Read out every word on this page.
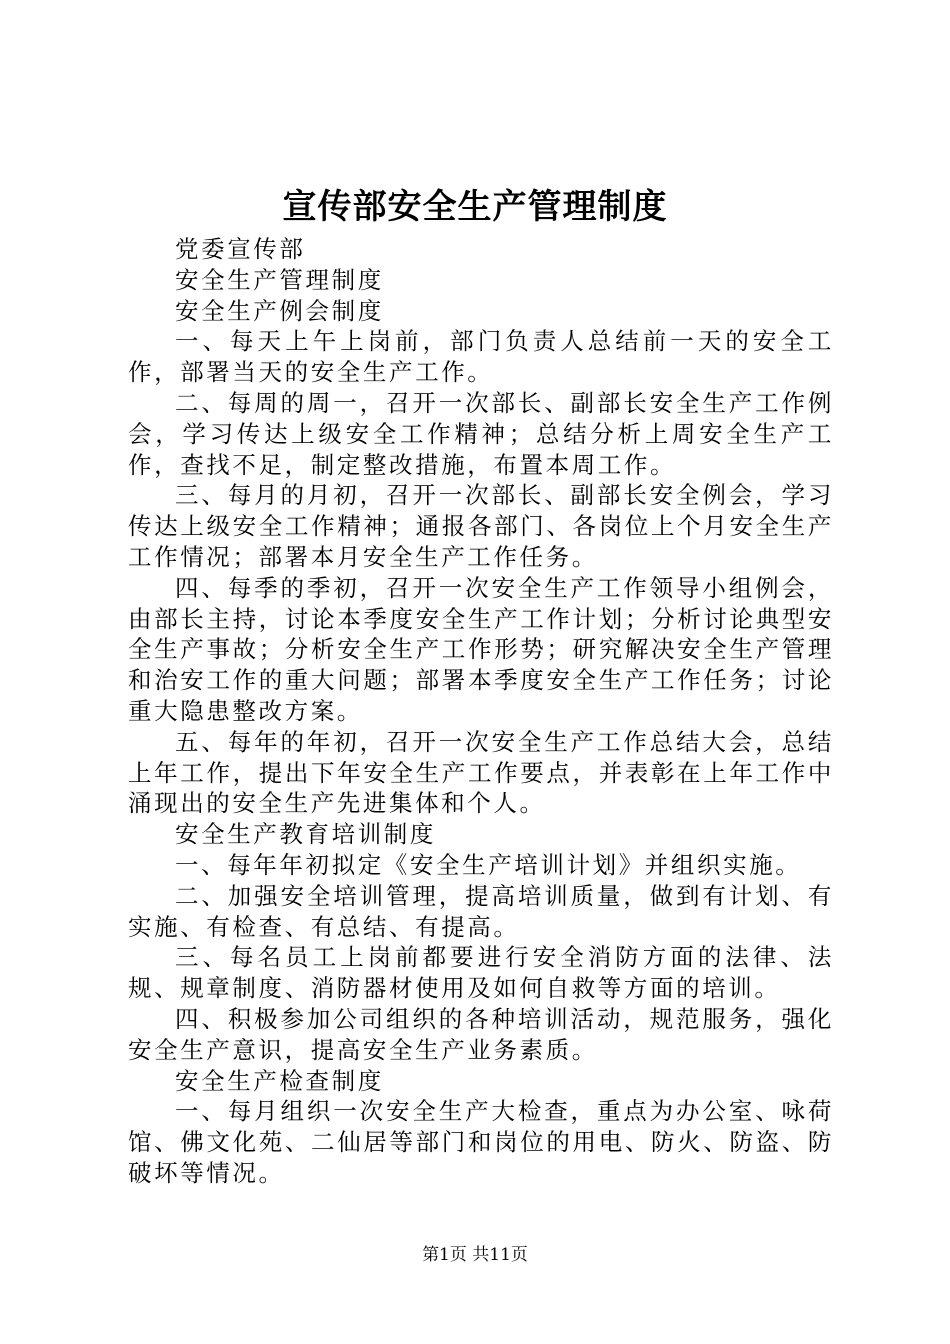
宣传部安全生产管理制度

党委宣传部

安全生产管理制度

安全生产例会制度

一、每天上午上岗前，部门负责人总结前一天的安全工作，部署当天的安全生产工作。

二、每周的周一，召开一次部长、副部长安全生产工作例会，学习传达上级安全工作精神；总结分析上周安全生产工作，查找不足，制定整改措施，布置本周工作。

三、每月的月初，召开一次部长、副部长安全例会，学习传达上级安全工作精神；通报各部门、各岗位上个月安全生产工作情况；部署本月安全生产工作任务。

四、每季的季初，召开一次安全生产工作领导小组例会，由部长主持，讨论本季度安全生产工作计划；分析讨论典型安全生产事故；分析安全生产工作形势；研究解决安全生产管理和治安工作的重大问题；部署本季度安全生产工作任务；讨论重大隐患整改方案。

五、每年的年初，召开一次安全生产工作总结大会，总结上年工作，提出下年安全生产工作要点，并表彰在上年工作中涌现出的安全生产先进集体和个人。

安全生产教育培训制度

一、每年年初拟定《安全生产培训计划》并组织实施。

二、加强安全培训管理，提高培训质量，做到有计划、有实施、有检查、有总结、有提高。

三、每名员工上岗前都要进行安全消防方面的法律、法规、规章制度、消防器材使用及如何自救等方面的培训。

四、积极参加公司组织的各种培训活动，规范服务，强化安全生产意识，提高安全生产业务素质。

安全生产检查制度

一、每月组织一次安全生产大检查，重点为办公室、咏荷馆、佛文化苑、二仙居等部门和岗位的用电、防火、防盗、防破坏等情况。

第1页 共11页
